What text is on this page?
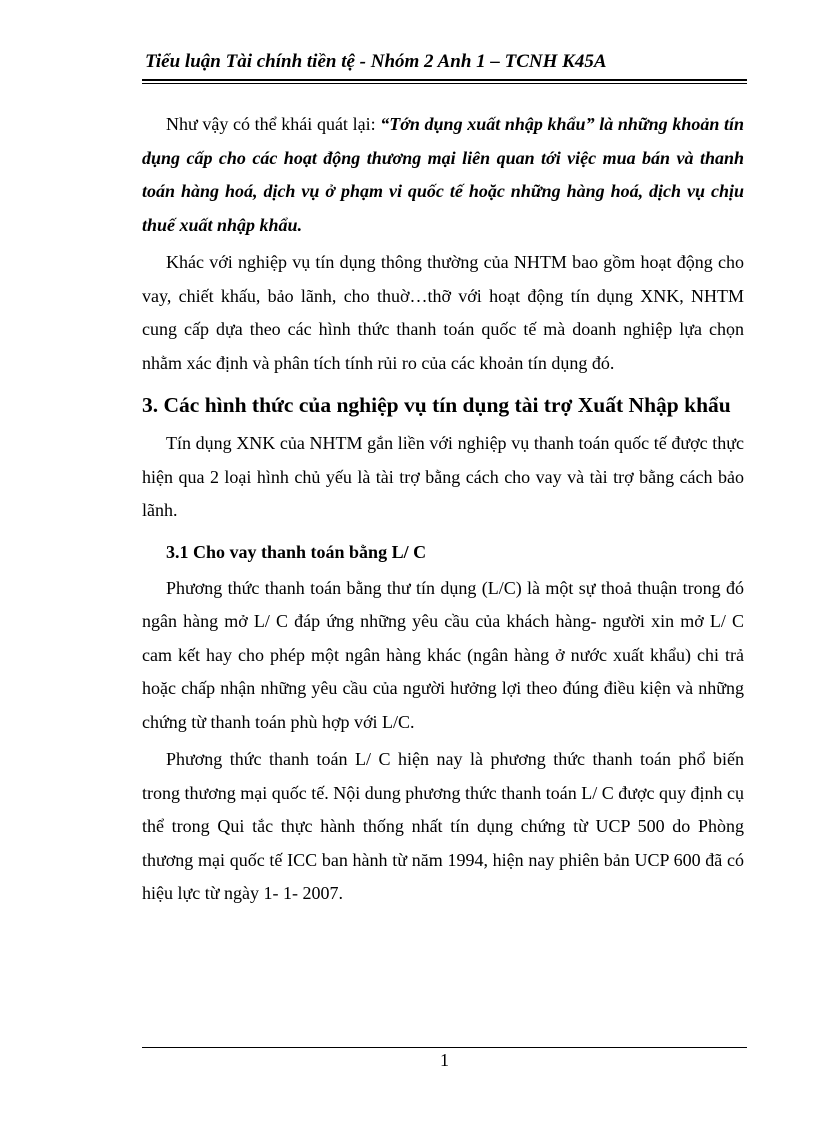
Tiểu luận Tài chính tiền tệ - Nhóm 2 Anh 1 – TCNH K45A

Như vậy có thể khái quát lại: “Tớn dụng xuất nhập khẩu” là những khoản tín dụng cấp cho các hoạt động thương mại liên quan tới việc mua bán và thanh toán hàng hoá, dịch vụ ở phạm vi quốc tế hoặc những hàng hoá, dịch vụ chịu thuế xuất nhập khẩu.

Khác với nghiệp vụ tín dụng thông thường của NHTM bao gồm hoạt động cho vay, chiết khấu, bảo lãnh, cho thuờ…thỡ với hoạt động tín dụng XNK, NHTM cung cấp dựa theo các hình thức thanh toán quốc tế mà doanh nghiệp lựa chọn nhằm xác định và phân tích tính rủi ro của các khoản tín dụng đó.

3. Các hình thức của nghiệp vụ tín dụng tài trợ Xuất Nhập khẩu

Tín dụng XNK của NHTM gắn liền với nghiệp vụ thanh toán quốc tế được thực hiện qua 2 loại hình chủ yếu là tài trợ bằng cách cho vay và tài trợ bằng cách bảo lãnh.

3.1 Cho vay thanh toán bằng L/ C

Phương thức thanh toán bằng thư tín dụng (L/C) là một sự thoả thuận trong đó ngân hàng mở L/ C đáp ứng những yêu cầu của khách hàng- người xin mở L/ C cam kết hay cho phép một ngân hàng khác (ngân hàng ở nước xuất khẩu) chi trả hoặc chấp nhận những yêu cầu của người hưởng lợi theo đúng điều kiện và những chứng từ thanh toán phù hợp với L/C.

Phương thức thanh toán L/ C hiện nay là phương thức thanh toán phổ biến trong thương mại quốc tế. Nội dung phương thức thanh toán L/ C được quy định cụ thể trong Qui tắc thực hành thống nhất tín dụng chứng từ UCP 500 do Phòng thương mại quốc tế ICC ban hành từ năm 1994, hiện nay phiên bản UCP 600 đã có hiệu lực từ ngày 1- 1- 2007.

1
